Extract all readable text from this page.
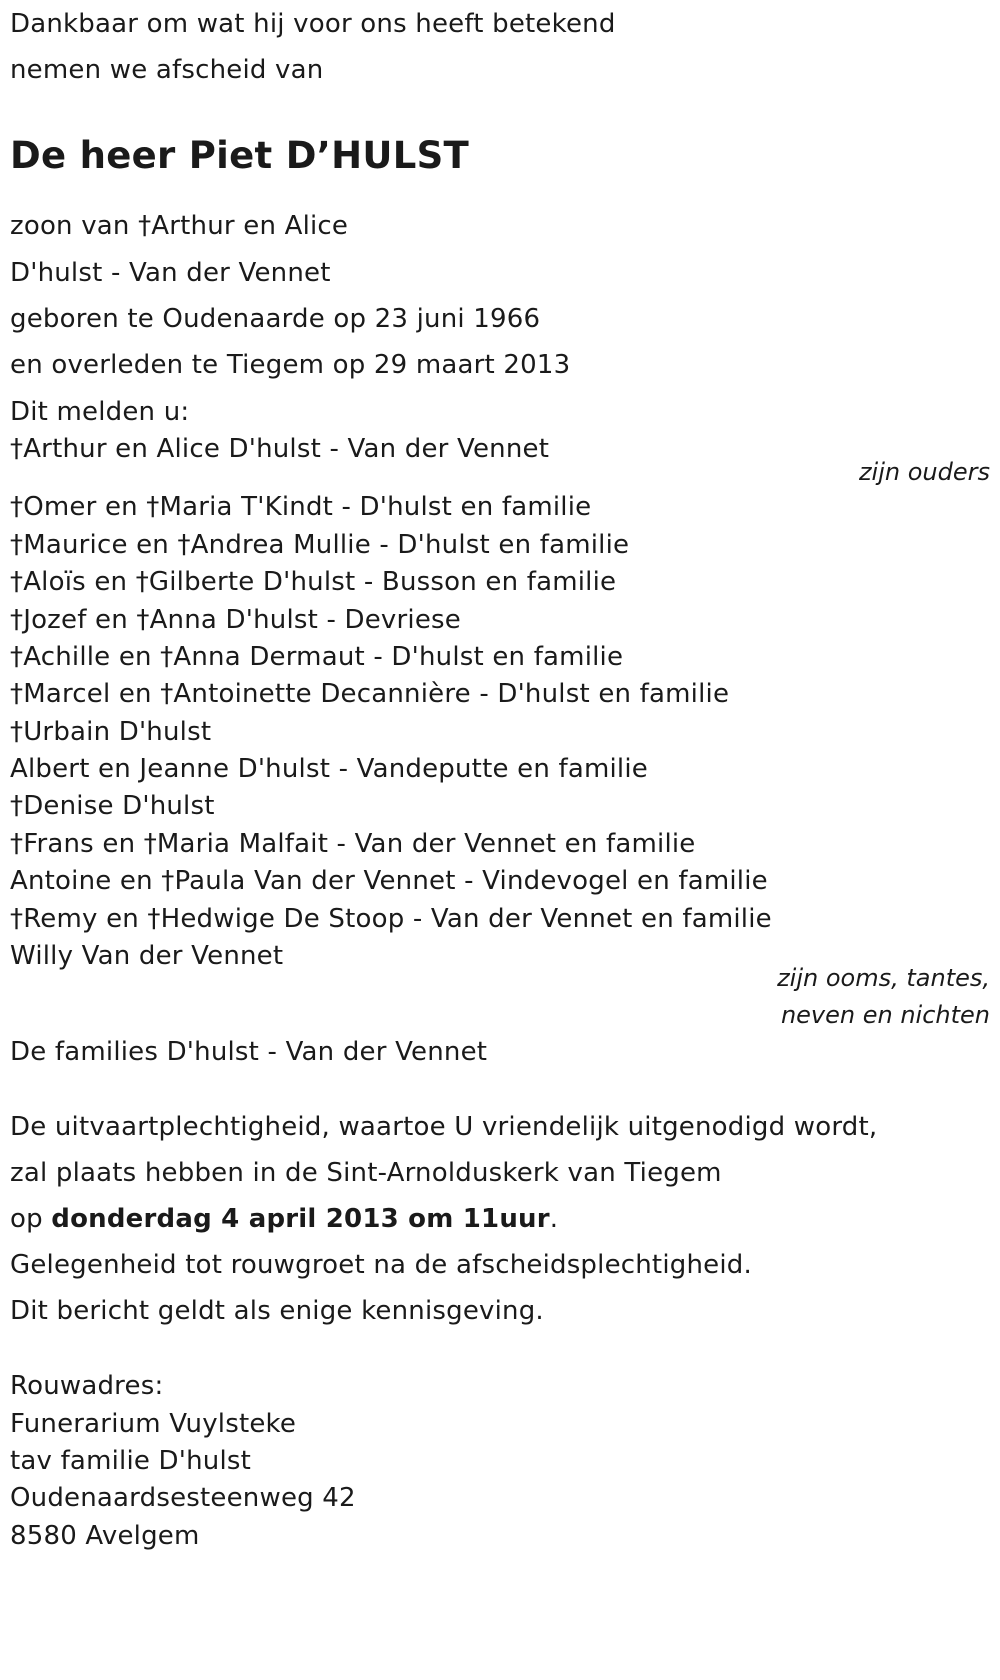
Dankbaar om wat hij voor ons heeft betekend
nemen we afscheid van
De heer Piet D’HULST
zoon van †Arthur en Alice
D'hulst - Van der Vennet
geboren te Oudenaarde op 23 juni 1966
en overleden te Tiegem op 29 maart 2013
Dit melden u:
†Arthur en Alice D'hulst - Van der Vennet
zijn ouders
†Omer en †Maria T'Kindt - D'hulst en familie
†Maurice en †Andrea Mullie - D'hulst en familie
†Aloïs en †Gilberte D'hulst - Busson en familie
†Jozef en †Anna D'hulst - Devriese
†Achille en †Anna Dermaut - D'hulst en familie
†Marcel en †Antoinette Decannière - D'hulst en familie
†Urbain D'hulst
Albert en Jeanne D'hulst - Vandeputte en familie
†Denise D'hulst
†Frans en †Maria Malfait - Van der Vennet en familie
Antoine en †Paula Van der Vennet - Vindevogel en familie
†Remy en †Hedwige De Stoop - Van der Vennet en familie
Willy Van der Vennet
zijn ooms, tantes,
neven en nichten
De families D'hulst - Van der Vennet
De uitvaartplechtigheid, waartoe U vriendelijk uitgenodigd wordt,
zal plaats hebben in de Sint-Arnolduskerk van Tiegem
op donderdag 4 april 2013 om 11uur.
Gelegenheid tot rouwgroet na de afscheidsplechtigheid.
Dit bericht geldt als enige kennisgeving.
Rouwadres:
Funerarium Vuylsteke
tav familie D'hulst
Oudenaardsesteenweg 42
8580 Avelgem
